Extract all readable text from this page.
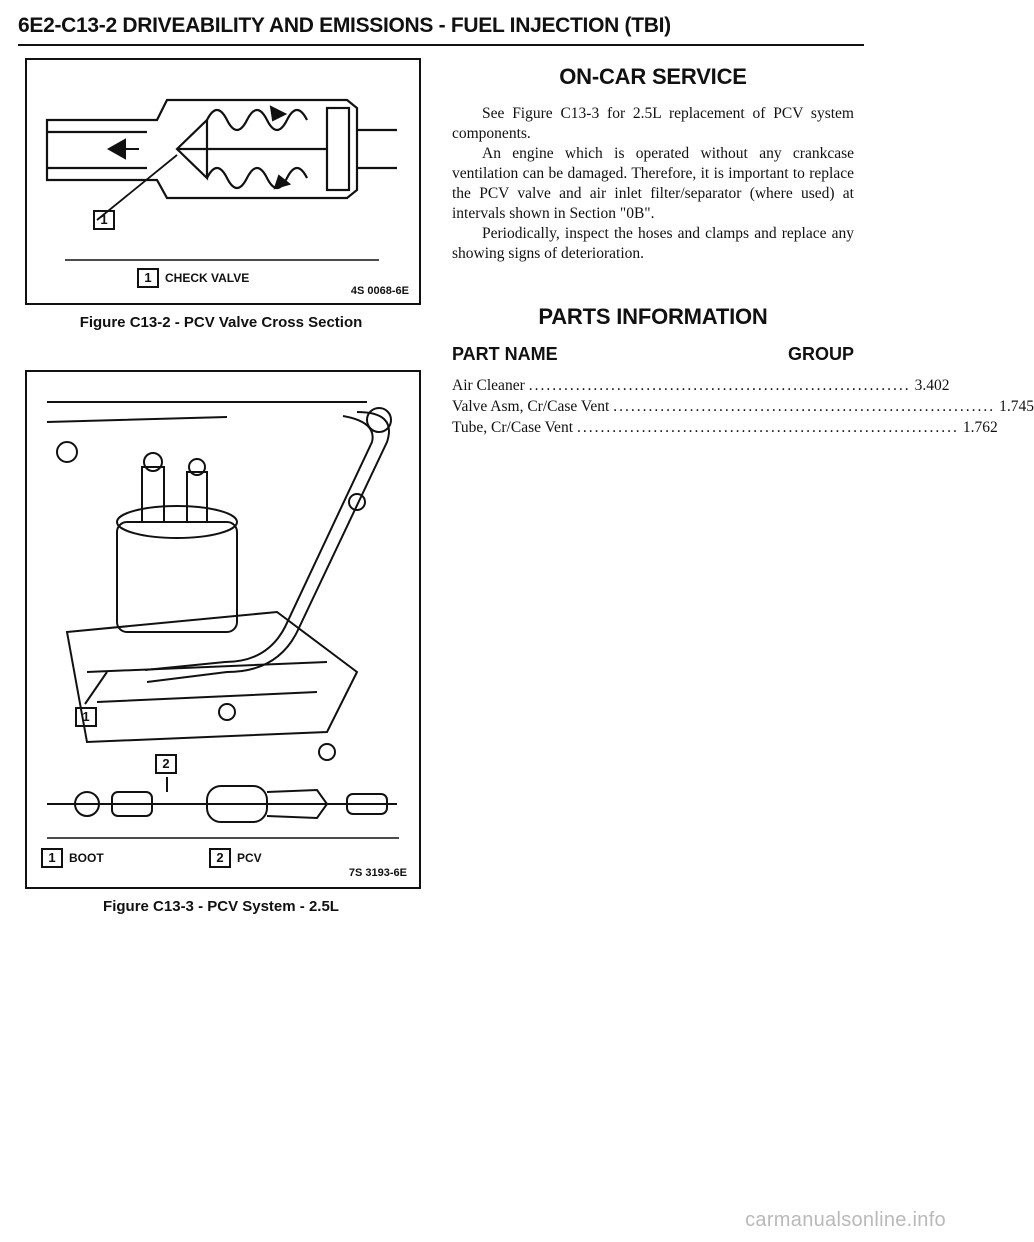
6E2-C13-2 DRIVEABILITY AND EMISSIONS - FUEL INJECTION (TBI)
1
1	CHECK VALVE
4S 0068-6E
Figure C13-2 - PCV Valve Cross Section
1
2
1	BOOT	2	PCV
7S 3193-6E
Figure C13-3 - PCV System - 2.5L
ON-CAR SERVICE

See Figure C13-3 for 2.5L replacement of PCV system components.

An engine which is operated without any crankcase ventilation can be damaged. Therefore, it is important to replace the PCV valve and air inlet filter/separator (where used) at intervals shown in Section "0B".

Periodically, inspect the hoses and clamps and replace any showing signs of deterioration.

PARTS INFORMATION
PART NAME	GROUP
Air Cleaner ................................................................. 3.402
Valve Asm, Cr/Case Vent ................................................................. 1.745
Tube, Cr/Case Vent ................................................................. 1.762
carmanualsonline.info
